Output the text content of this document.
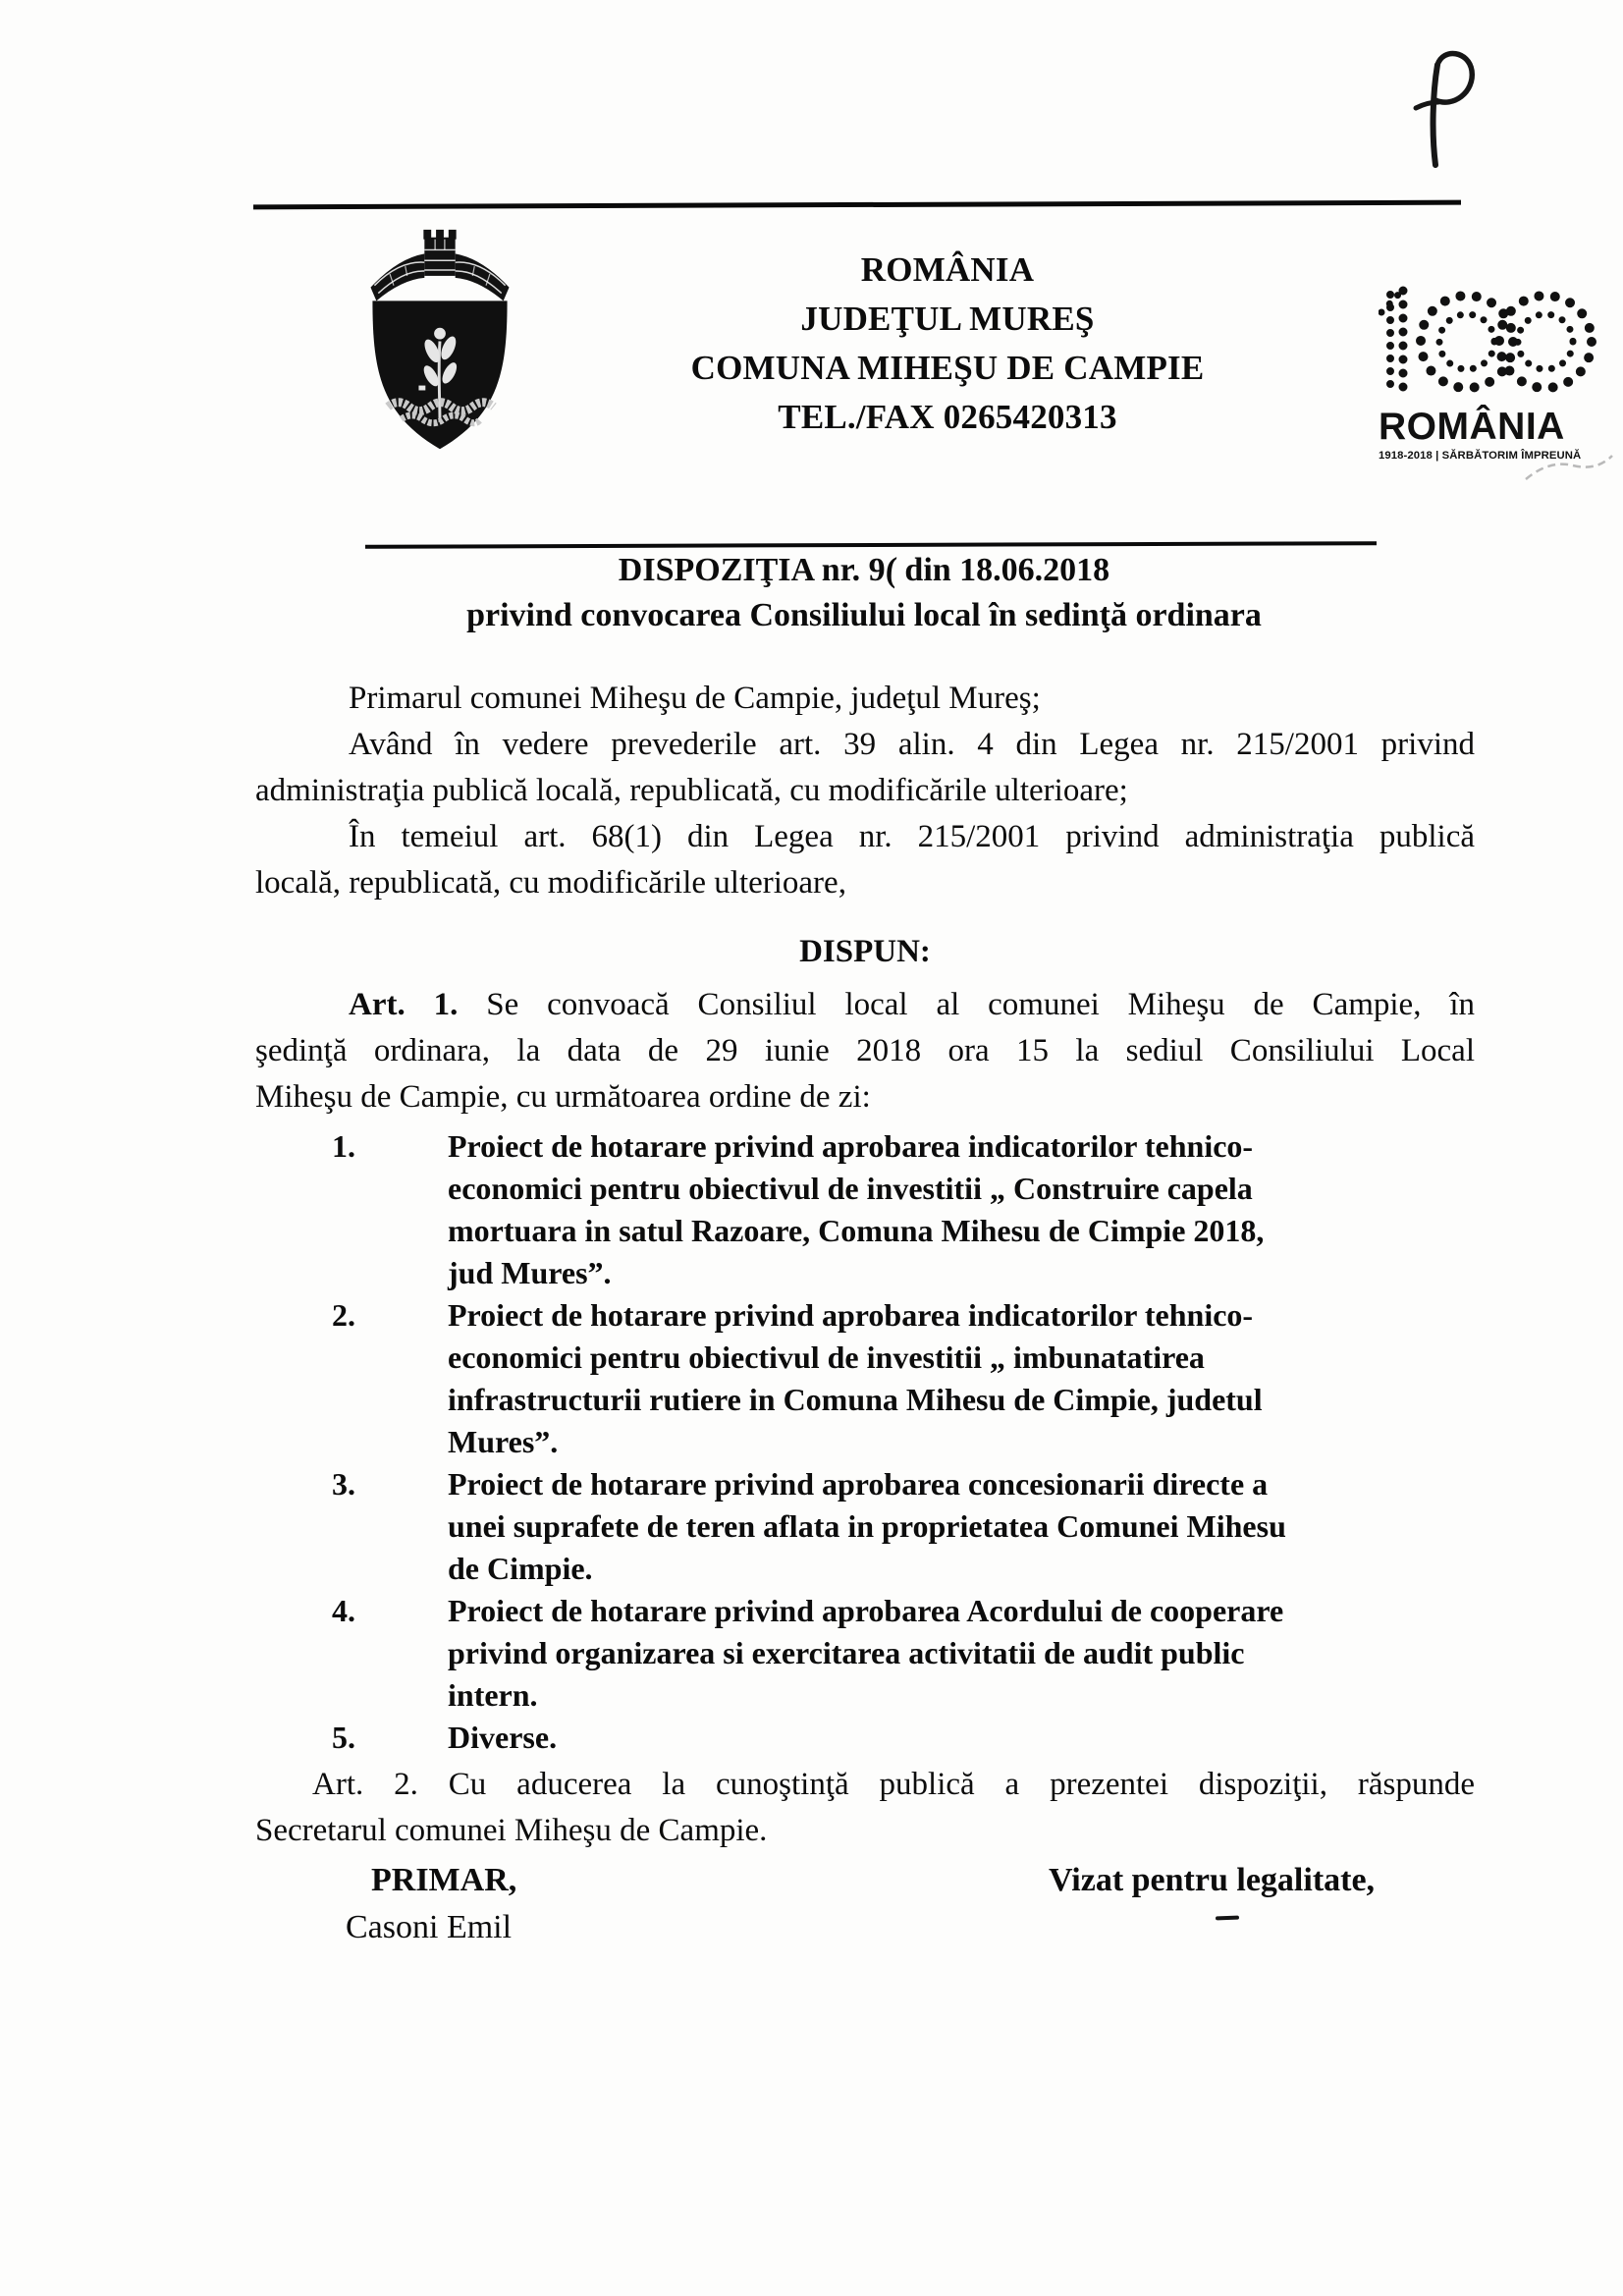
ROMÂNIA
JUDEŢUL MUREŞ
COMUNA MIHEŞU DE CAMPIE
TEL./FAX 0265420313	ROMÂNIA
1918-2018 | SĂRBĂTORIM ÎMPREUNĂ
DISPOZIŢIA nr. 9( din 18.06.2018
privind convocarea Consiliului local în sedinţă ordinara
Primarul comunei Miheşu de Campie, judeţul Mureş;
Având în vedere prevederile art. 39 alin. 4 din Legea nr. 215/2001 privind
administraţia publică locală, republicată, cu modificările ulterioare;
În temeiul art. 68(1) din Legea nr. 215/2001 privind administraţia publică
locală, republicată, cu modificările ulterioare,
DISPUN:
Art. 1. Se convoacă Consiliul local al comunei Miheşu de Campie, în
şedinţă ordinara, la data de 29 iunie 2018 ora 15 la sediul Consiliului Local
Miheşu de Campie, cu următoarea ordine de zi:
1.	Proiect de hotarare privind aprobarea indicatorilor tehnico-
economici pentru obiectivul de investitii „ Construire capela
mortuara in satul Razoare, Comuna Mihesu de Cimpie 2018,
jud Mures”.
2.	Proiect de hotarare privind aprobarea indicatorilor tehnico-
economici pentru obiectivul de investitii „ imbunatatirea
infrastructurii rutiere in Comuna Mihesu de Cimpie, judetul
Mures”.
3.	Proiect de hotarare privind aprobarea concesionarii directe a
unei suprafete de teren aflata in proprietatea Comunei Mihesu
de Cimpie.
4.	Proiect de hotarare privind aprobarea Acordului de cooperare
privind organizarea si exercitarea activitatii de audit public
intern.
5.	Diverse.
Art. 2. Cu aducerea la cunoştinţă publică a prezentei dispoziţii, răspunde
Secretarul comunei Miheşu de Campie.
PRIMAR,
Casoni Emil
Vizat pentru legalitate,
